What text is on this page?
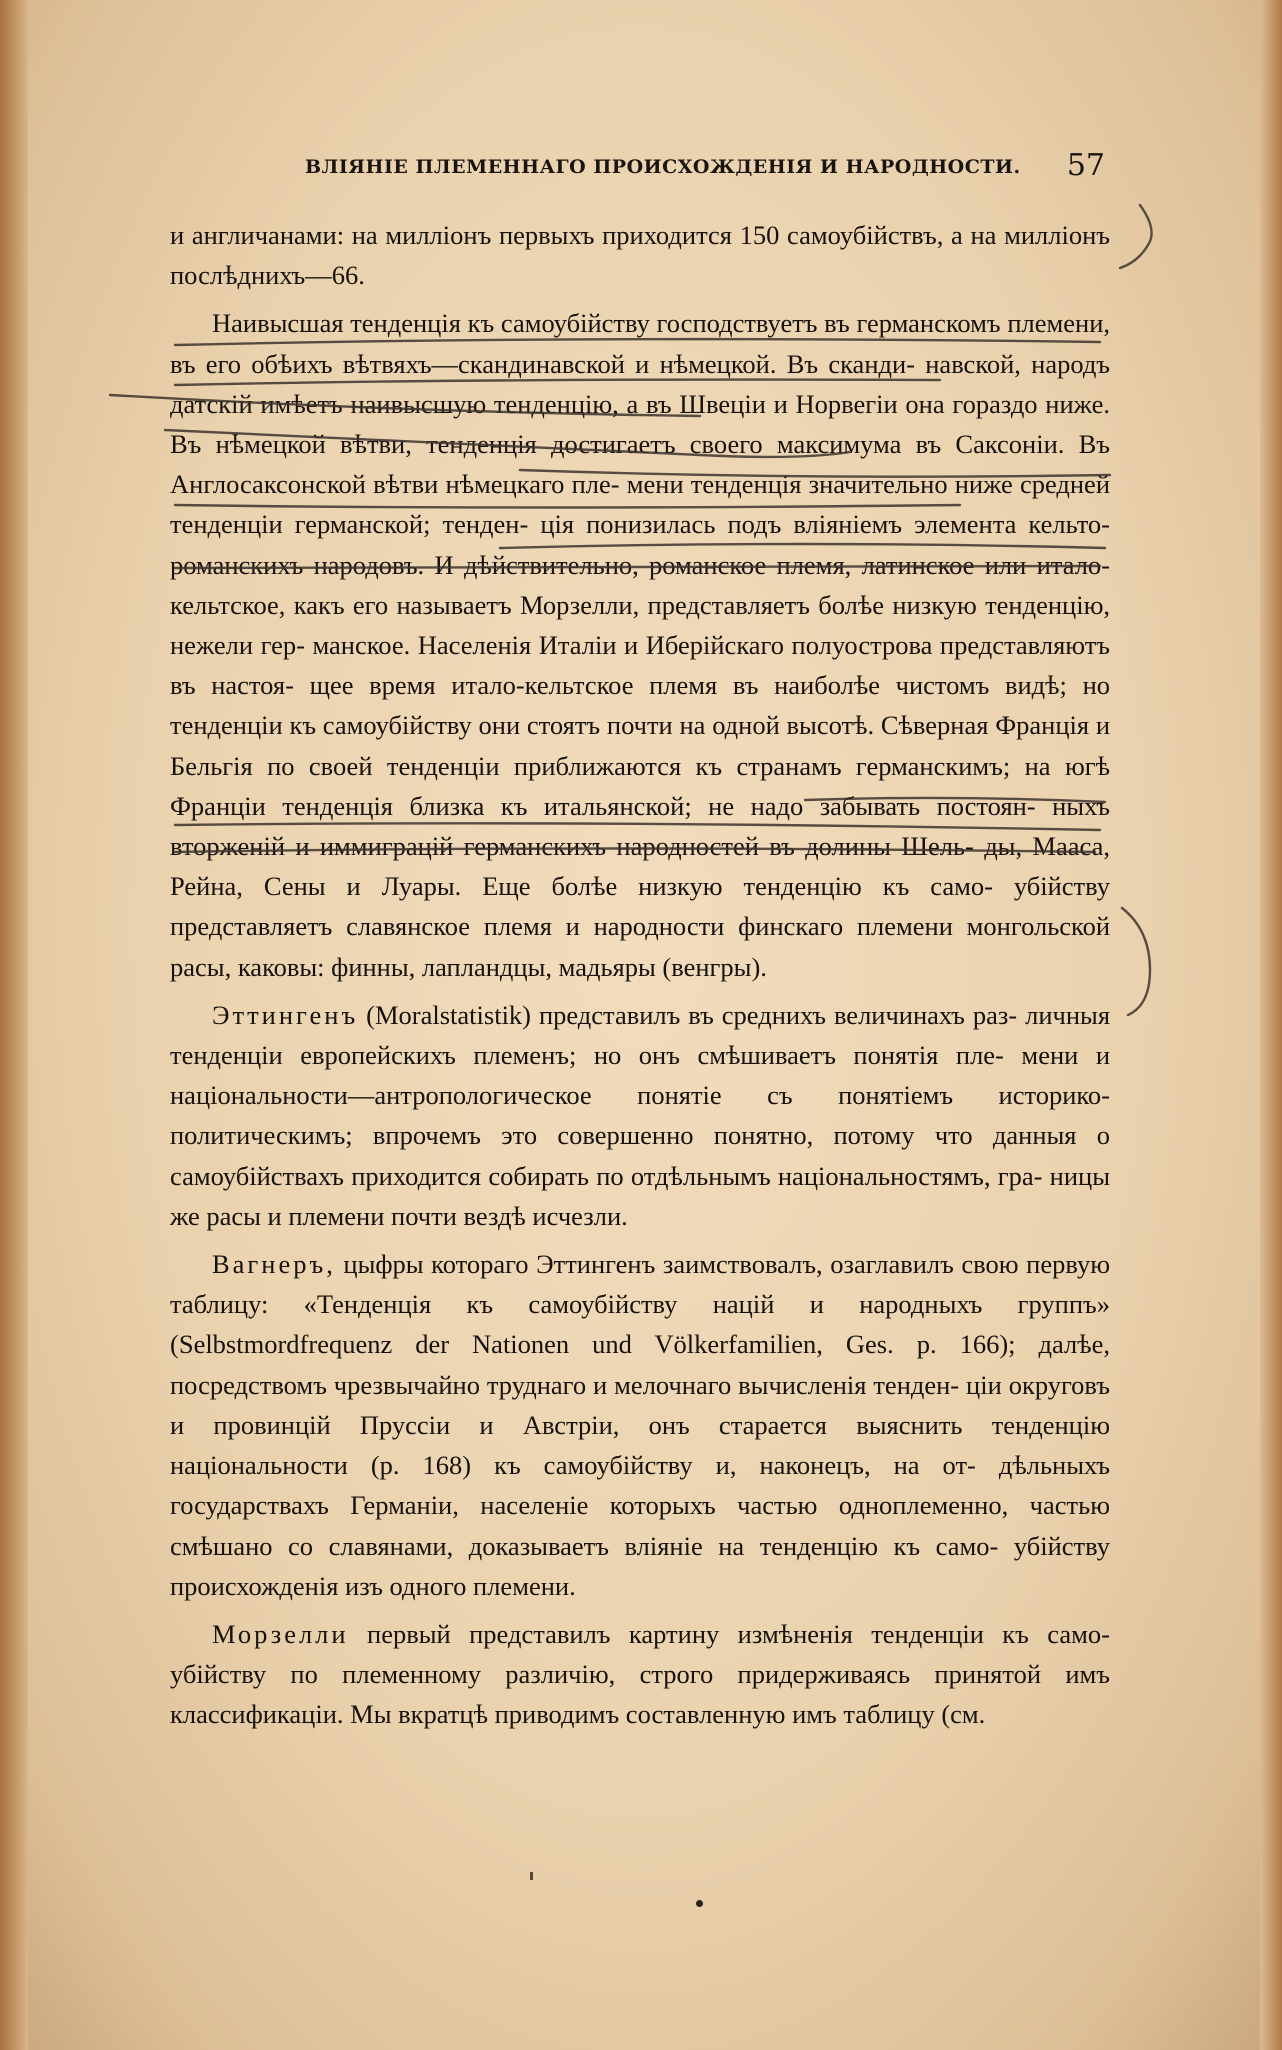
ВЛІЯНІЕ ПЛЕМЕННАГО ПРОИСХОЖДЕНІЯ И НАРОДНОСТИ. 57

и англичанами: на милліонъ первыхъ приходится 150 самоубійствъ, а на милліонъ послѣднихъ—66.

Наивысшая тенденція къ самоубійству господствуетъ въ германскомъ племени, въ его обѣихъ вѣтвяхъ—скандинавской и нѣмецкой. Въ сканди- навской, народъ датскій имѣетъ наивысшую тенденцію, а въ Швеціи и Норвегіи она гораздо ниже. Въ нѣмецкой вѣтви, тенденція достигаетъ своего максимума въ Саксоніи. Въ Англосаксонской вѣтви нѣмецкаго пле- мени тенденція значительно ниже средней тенденціи германской; тенден- ція понизилась подъ вліяніемъ элемента кельто-романскихъ народовъ. И дѣйствительно, романское племя, латинское или итало-кельтское, какъ его называетъ Морзелли, представляетъ болѣе низкую тенденцію, нежели гер- манское. Населенія Италіи и Иберійскаго полуострова представляютъ въ настоя- щее время итало-кельтское племя въ наиболѣе чистомъ видѣ; но тенденціи къ самоубійству они стоятъ почти на одной высотѣ. Сѣверная Франція и Бельгія по своей тенденціи приближаются къ странамъ германскимъ; на югѣ Франціи тенденція близка къ итальянской; не надо забывать постоян- ныхъ вторженій и иммиграцій германскихъ народностей въ долины Шель- ды, Мааса, Рейна, Сены и Луары. Еще болѣе низкую тенденцію къ само- убійству представляетъ славянское племя и народности финскаго племени монгольской расы, каковы: финны, лапландцы, мадьяры (венгры).

Эттингенъ (Moralstatistik) представилъ въ среднихъ величинахъ раз- личныя тенденціи европейскихъ племенъ; но онъ смѣшиваетъ понятія пле- мени и національности—антропологическое понятіе съ понятіемъ историко- политическимъ; впрочемъ это совершенно понятно, потому что данныя о самоубійствахъ приходится собирать по отдѣльнымъ національностямъ, гра- ницы же расы и племени почти вездѣ исчезли.

Вагнеръ, цыфры котораго Эттингенъ заимствовалъ, озаглавилъ свою первую таблицу: «Тенденція къ самоубійству націй и народныхъ группъ» (Selbstmordfrequenz der Nationen und Völkerfamilien, Ges. p. 166); далѣе, посредствомъ чрезвычайно труднаго и мелочнаго вычисленія тенден- ціи округовъ и провинцій Пруссіи и Австріи, онъ старается выяснить тенденцію національности (p. 168) къ самоубійству и, наконецъ, на от- дѣльныхъ государствахъ Германіи, населеніе которыхъ частью одноплеменно, частью смѣшано со славянами, доказываетъ вліяніе на тенденцію къ само- убійству происхожденія изъ одного племени.

Морзелли первый представилъ картину измѣненія тенденціи къ само- убійству по племенному различію, строго придерживаясь принятой имъ классификаціи. Мы вкратцѣ приводимъ составленную имъ таблицу (см.
